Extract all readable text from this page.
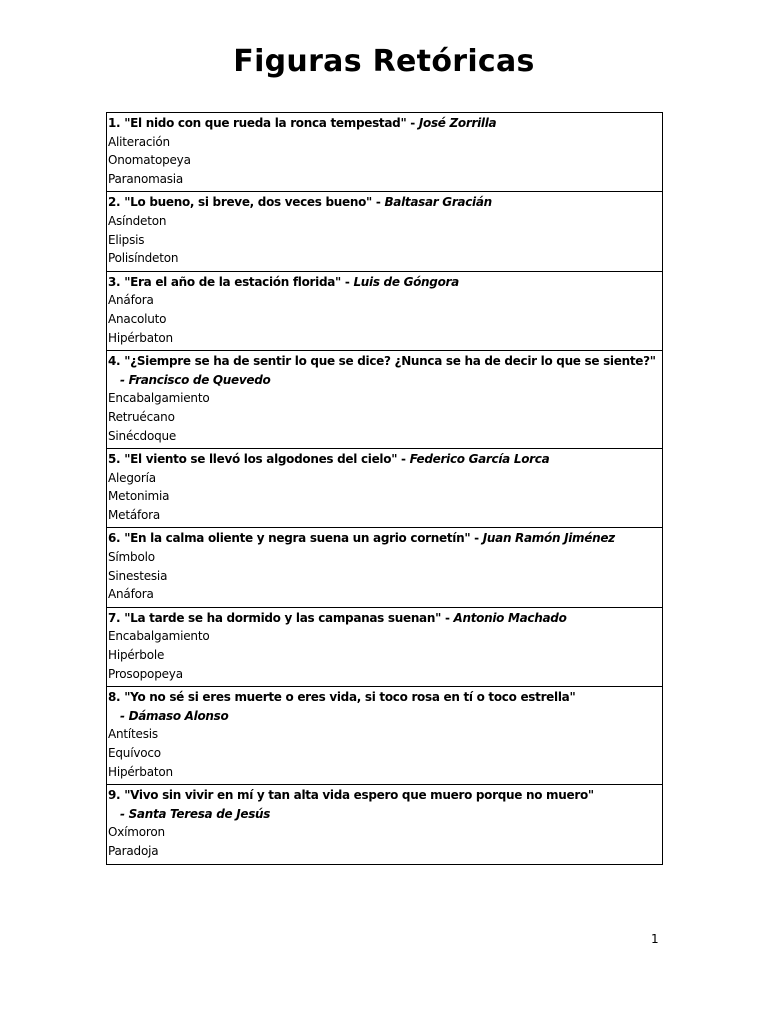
Figuras Retóricas
1. "El nido con que rueda la ronca tempestad" - José Zorrilla
Aliteración
Onomatopeya
Paranomasia
2. "Lo bueno, si breve, dos veces bueno" - Baltasar Gracián
Asíndeton
Elipsis
Polisíndeton
3. "Era el año de la estación florida" - Luis de Góngora
Anáfora
Anacoluto
Hipérbaton
4. "¿Siempre se ha de sentir lo que se dice? ¿Nunca se ha de decir lo que se siente?"
- Francisco de Quevedo
Encabalgamiento
Retruécano
Sinécdoque
5. "El viento se llevó los algodones del cielo" - Federico García Lorca
Alegoría
Metonimia
Metáfora
6. "En la calma oliente y negra suena un agrio cornetín" - Juan Ramón Jiménez
Símbolo
Sinestesia
Anáfora
7. "La tarde se ha dormido y las campanas suenan" - Antonio Machado
Encabalgamiento
Hipérbole
Prosopopeya
8. "Yo no sé si eres muerte o eres vida, si toco rosa en tí o toco estrella"
- Dámaso Alonso
Antítesis
Equívoco
Hipérbaton
9. "Vivo sin vivir en mí y tan alta vida espero que muero porque no muero"
- Santa Teresa de Jesús
Oxímoron
Paradoja
1
